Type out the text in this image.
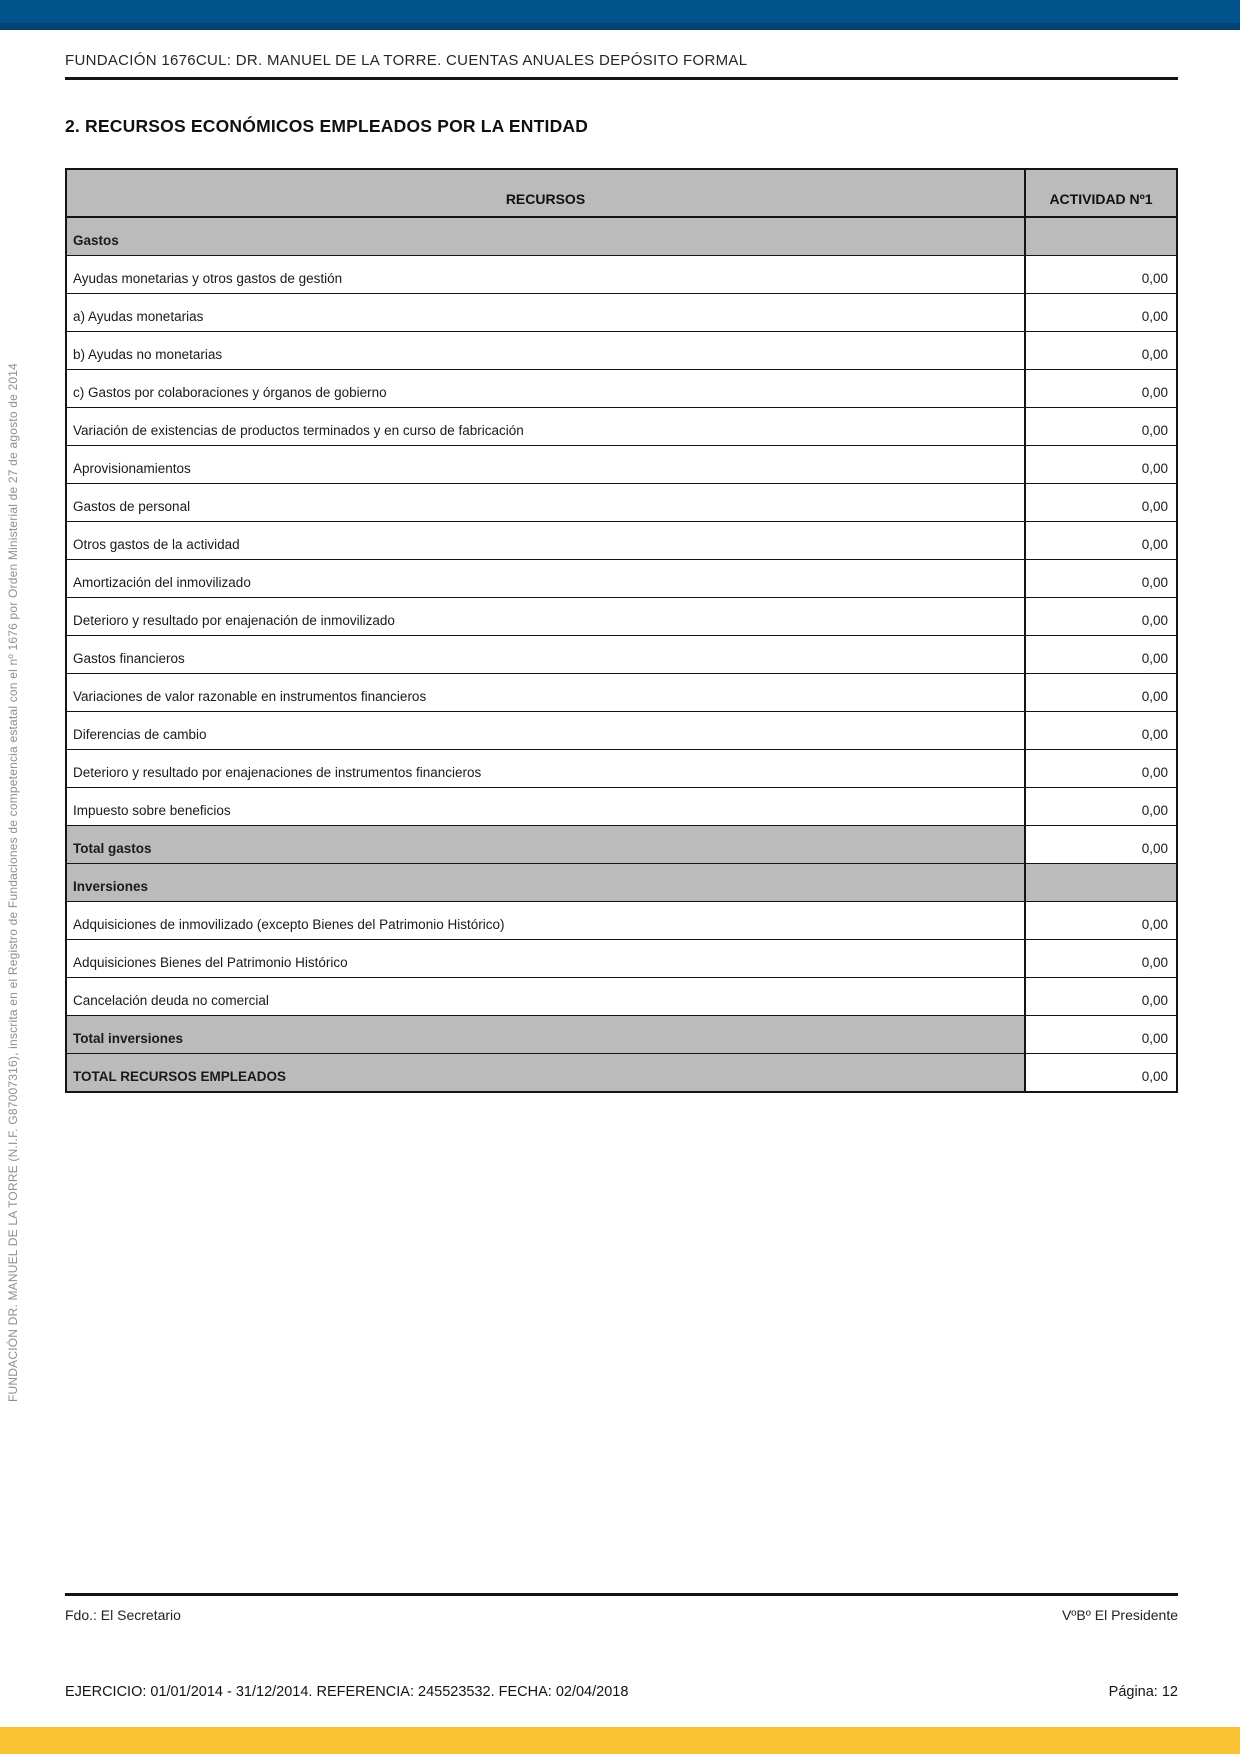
FUNDACIÓN 1676CUL: DR. MANUEL DE LA TORRE. CUENTAS ANUALES DEPÓSITO FORMAL
2. RECURSOS ECONÓMICOS EMPLEADOS POR LA ENTIDAD
RECURSOS	ACTIVIDAD Nº1
Gastos
Ayudas monetarias y otros gastos de gestión	0,00
a) Ayudas monetarias	0,00
b) Ayudas no monetarias	0,00
c) Gastos por colaboraciones y órganos de gobierno	0,00
Variación de existencias de productos terminados y en curso de fabricación	0,00
Aprovisionamientos	0,00
Gastos de personal	0,00
Otros gastos de la actividad	0,00
Amortización del inmovilizado	0,00
Deterioro y resultado por enajenación de inmovilizado	0,00
Gastos financieros	0,00
Variaciones de valor razonable en instrumentos financieros	0,00
Diferencias de cambio	0,00
Deterioro y resultado por enajenaciones de instrumentos financieros	0,00
Impuesto sobre beneficios	0,00
Total gastos	0,00
Inversiones
Adquisiciones de inmovilizado (excepto Bienes del Patrimonio Histórico)	0,00
Adquisiciones Bienes del Patrimonio Histórico	0,00
Cancelación deuda no comercial	0,00
Total inversiones	0,00
TOTAL RECURSOS EMPLEADOS	0,00
FUNDACIÓN DR. MANUEL DE LA TORRE (N.I.F. G87007316), inscrita en el Registro de Fundaciones de competencia estatal con el nº 1676 por Orden Ministerial de 27 de agosto de 2014
Fdo.: El Secretario	VºBº El Presidente
EJERCICIO: 01/01/2014 - 31/12/2014. REFERENCIA: 245523532. FECHA: 02/04/2018	Página: 12
